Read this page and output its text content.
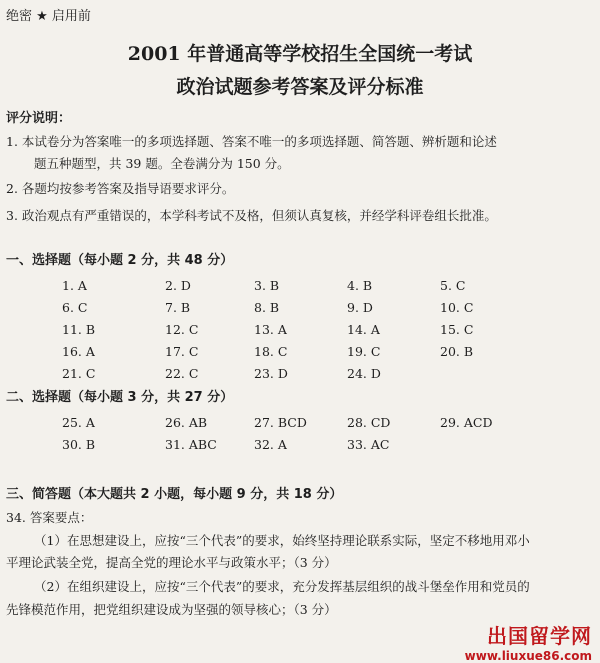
绝密 ★ 启用前
2001 年普通高等学校招生全国统一考试
政治试题参考答案及评分标准
评分说明：
1. 本试卷分为答案唯一的多项选择题、答案不唯一的多项选择题、简答题、辨析题和论述
题五种题型，共 39 题。全卷满分为 150 分。
2. 各题均按参考答案及指导语要求评分。
3. 政治观点有严重错误的，本学科考试不及格，但须认真复核，并经学科评卷组长批准。
一、选择题（每小题 2 分，共 48 分）
1. A	2. D	3. B	4. B	5. C
6. C	7. B	8. B	9. D	10. C
11. B	12. C	13. A	14. A	15. C
16. A	17. C	18. C	19. C	20. B
21. C	22. C	23. D	24. D
二、选择题（每小题 3 分，共 27 分）
25. A	26. AB	27. BCD	28. CD	29. ACD
30. B	31. ABC	32. A	33. AC
三、简答题（本大题共 2 小题，每小题 9 分，共 18 分）
34. 答案要点：
（1）在思想建设上，应按“三个代表”的要求，始终坚持理论联系实际，坚定不移地用邓小
平理论武装全党，提高全党的理论水平与政策水平；（3 分）
（2）在组织建设上，应按“三个代表”的要求，充分发挥基层组织的战斗堡垒作用和党员的
先锋模范作用，把党组织建设成为坚强的领导核心；（3 分）
出国留学网
www.liuxue86.com
